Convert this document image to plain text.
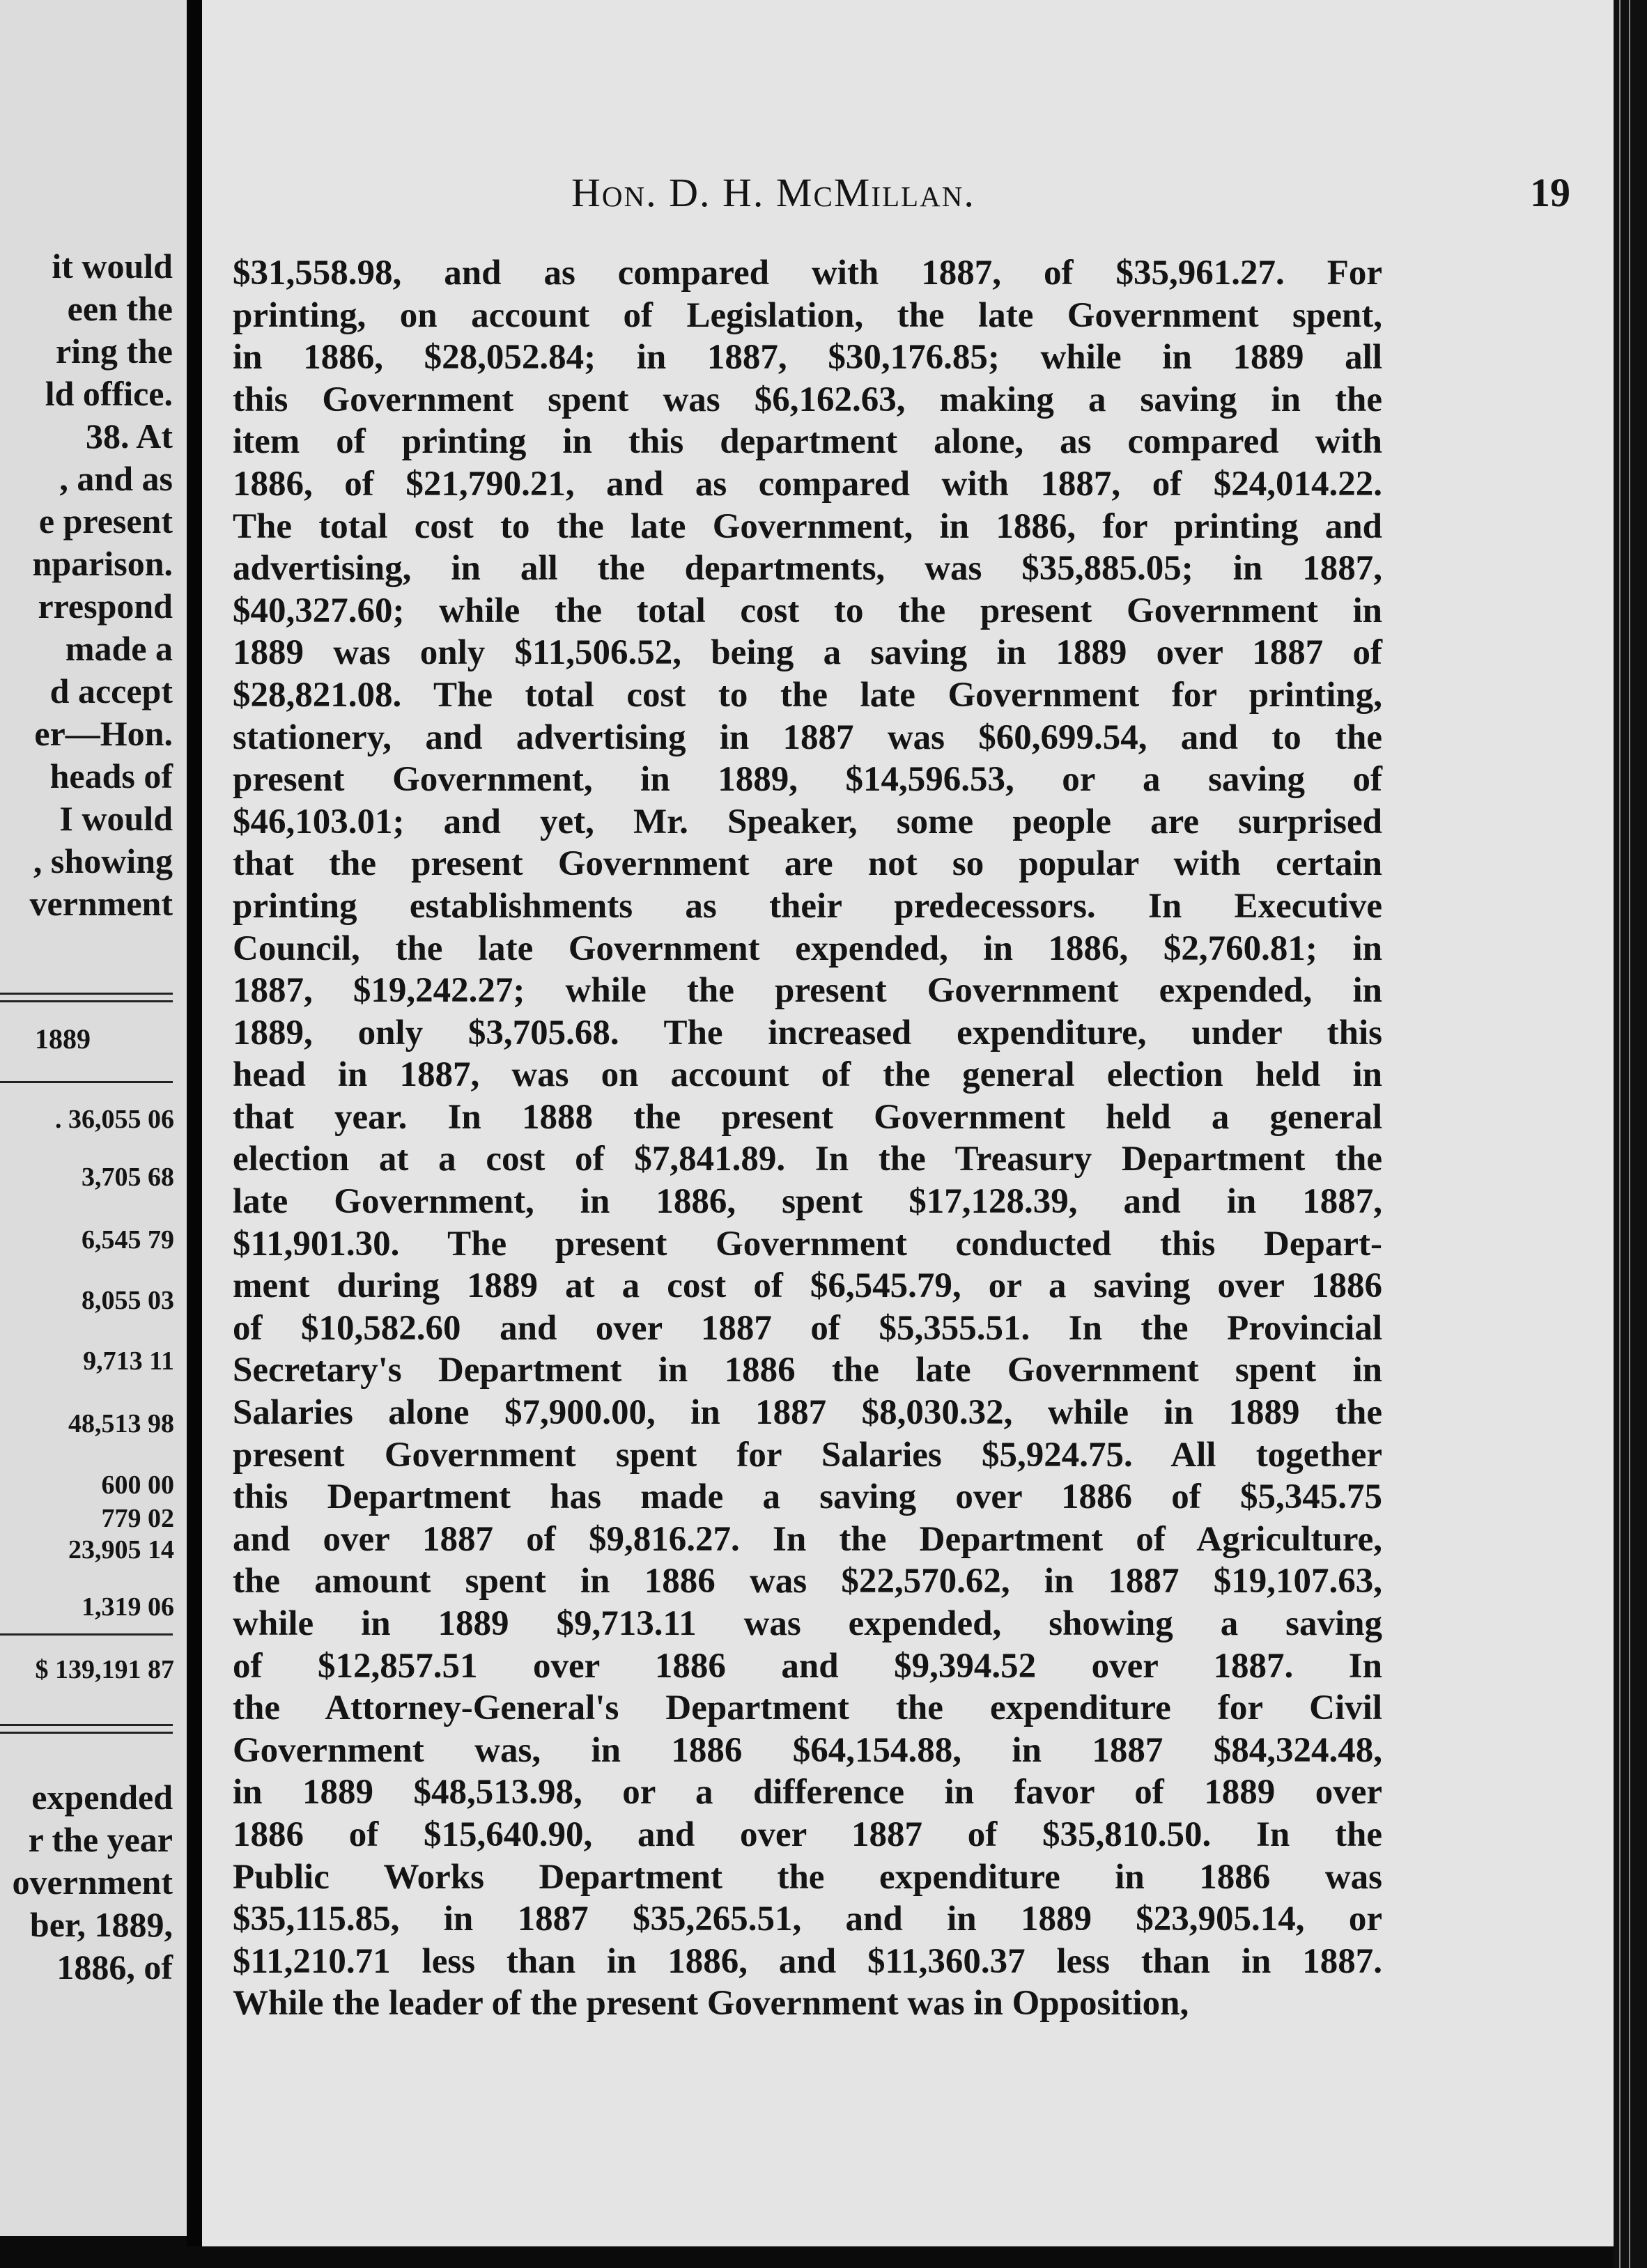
it would
een the
ring the
ld office.
38. At
, and as
e present
nparison.
rrespond
made a
d accept
er—Hon.
heads of
I would
, showing
vernment
1889
. 36,055 06
3,705 68
6,545 79
8,055 03
9,713 11
48,513 98
600 00
779 02
23,905 14
1,319 06
$ 139,191 87
expended
r the year
overnment
ber, 1889,
1886, of
Hon. D. H. McMillan.	19
$31,558.98, and as compared with 1887, of $35,961.27. For
printing, on account of Legislation, the late Government spent,
in 1886, $28,052.84; in 1887, $30,176.85; while in 1889 all
this Government spent was $6,162.63, making a saving in the
item of printing in this department alone, as compared with
1886, of $21,790.21, and as compared with 1887, of $24,014.22.
The total cost to the late Government, in 1886, for printing and
advertising, in all the departments, was $35,885.05; in 1887,
$40,327.60; while the total cost to the present Government in
1889 was only $11,506.52, being a saving in 1889 over 1887 of
$28,821.08. The total cost to the late Government for printing,
stationery, and advertising in 1887 was $60,699.54, and to the
present Government, in 1889, $14,596.53, or a saving of
$46,103.01; and yet, Mr. Speaker, some people are surprised
that the present Government are not so popular with certain
printing establishments as their predecessors. In Executive
Council, the late Government expended, in 1886, $2,760.81; in
1887, $19,242.27; while the present Government expended, in
1889, only $3,705.68. The increased expenditure, under this
head in 1887, was on account of the general election held in
that year. In 1888 the present Government held a general
election at a cost of $7,841.89. In the Treasury Department the
late Government, in 1886, spent $17,128.39, and in 1887,
$11,901.30. The present Government conducted this Depart-
ment during 1889 at a cost of $6,545.79, or a saving over 1886
of $10,582.60 and over 1887 of $5,355.51. In the Provincial
Secretary's Department in 1886 the late Government spent in
Salaries alone $7,900.00, in 1887 $8,030.32, while in 1889 the
present Government spent for Salaries $5,924.75. All together
this Department has made a saving over 1886 of $5,345.75
and over 1887 of $9,816.27. In the Department of Agriculture,
the amount spent in 1886 was $22,570.62, in 1887 $19,107.63,
while in 1889 $9,713.11 was expended, showing a saving
of $12,857.51 over 1886 and $9,394.52 over 1887. In
the Attorney-General's Department the expenditure for Civil
Government was, in 1886 $64,154.88, in 1887 $84,324.48,
in 1889 $48,513.98, or a difference in favor of 1889 over
1886 of $15,640.90, and over 1887 of $35,810.50. In the
Public Works Department the expenditure in 1886 was
$35,115.85, in 1887 $35,265.51, and in 1889 $23,905.14, or
$11,210.71 less than in 1886, and $11,360.37 less than in 1887.
While the leader of the present Government was in Opposition,
